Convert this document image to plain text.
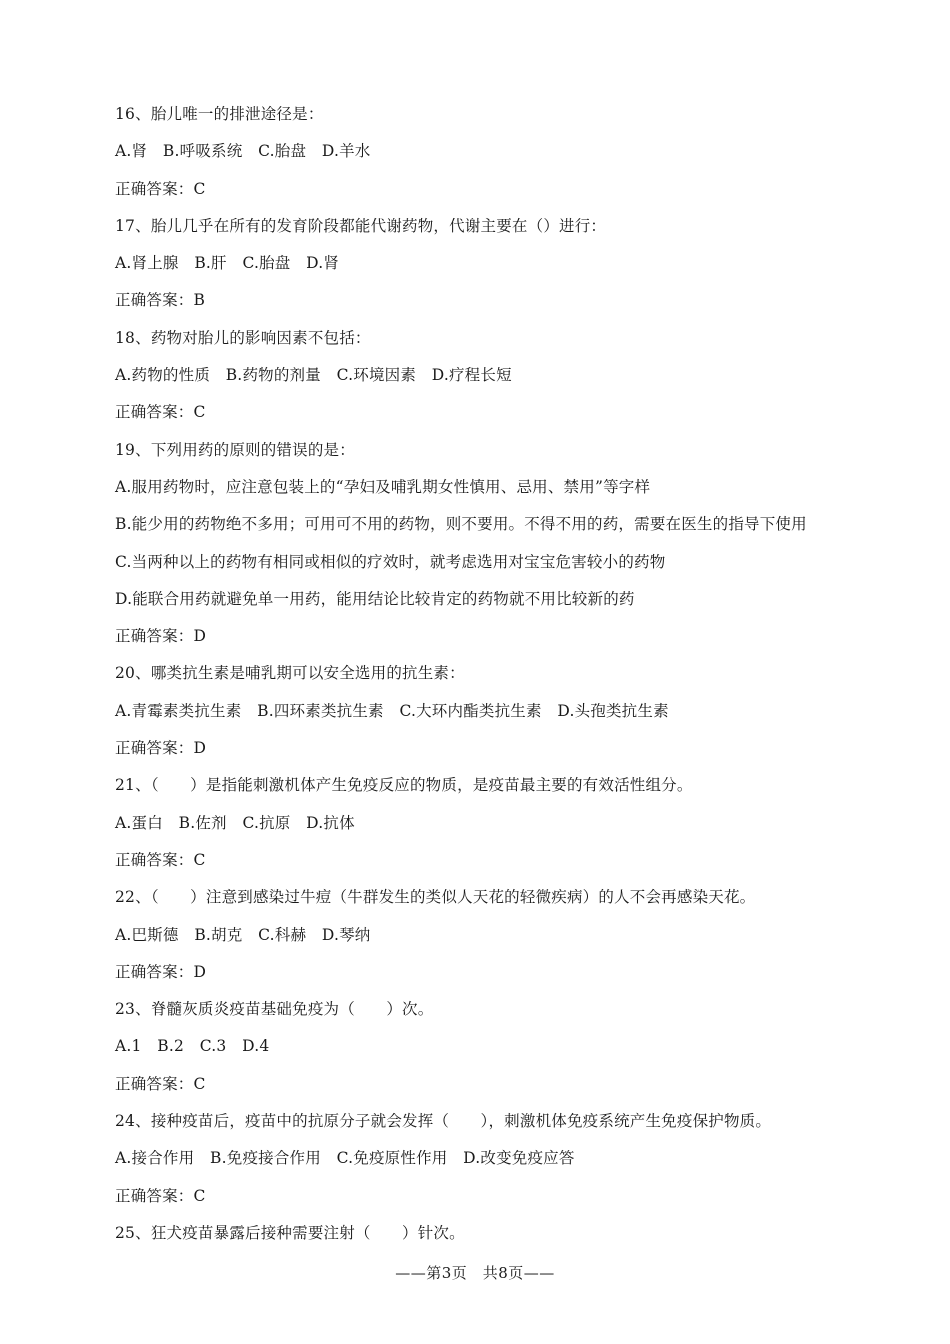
16、胎儿唯一的排泄途径是：
A.肾　B.呼吸系统　C.胎盘　D.羊水
正确答案：C
17、胎儿几乎在所有的发育阶段都能代谢药物，代谢主要在（）进行：
A.肾上腺　B.肝　C.胎盘　D.肾
正确答案：B
18、药物对胎儿的影响因素不包括：
A.药物的性质　B.药物的剂量　C.环境因素　D.疗程长短
正确答案：C
19、下列用药的原则的错误的是：
A.服用药物时，应注意包装上的“孕妇及哺乳期女性慎用、忌用、禁用”等字样
B.能少用的药物绝不多用；可用可不用的药物，则不要用。不得不用的药，需要在医生的指导下使用
C.当两种以上的药物有相同或相似的疗效时，就考虑选用对宝宝危害较小的药物
D.能联合用药就避免单一用药，能用结论比较肯定的药物就不用比较新的药
正确答案：D
20、哪类抗生素是哺乳期可以安全选用的抗生素：
A.青霉素类抗生素　B.四环素类抗生素　C.大环内酯类抗生素　D.头孢类抗生素
正确答案：D
21、（　　）是指能刺激机体产生免疫反应的物质，是疫苗最主要的有效活性组分。
A.蛋白　B.佐剂　C.抗原　D.抗体
正确答案：C
22、（　　）注意到感染过牛痘（牛群发生的类似人天花的轻微疾病）的人不会再感染天花。
A.巴斯德　B.胡克　C.科赫　D.琴纳
正确答案：D
23、脊髓灰质炎疫苗基础免疫为（　　）次。
A.1　B.2　C.3　D.4
正确答案：C
24、接种疫苗后，疫苗中的抗原分子就会发挥（　　），刺激机体免疫系统产生免疫保护物质。
A.接合作用　B.免疫接合作用　C.免疫原性作用　D.改变免疫应答
正确答案：C
25、狂犬疫苗暴露后接种需要注射（　　）针次。
——第3页　共8页——
